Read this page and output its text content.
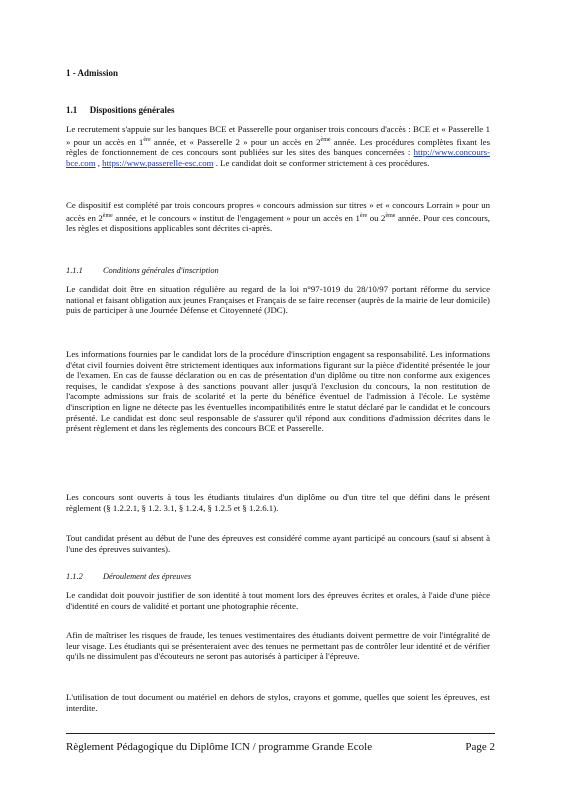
1 - Admission
1.1 Dispositions générales
Le recrutement s'appuie sur les banques BCE et Passerelle pour organiser trois concours d'accès : BCE et « Passerelle 1 » pour un accès en 1ère année, et « Passerelle 2 » pour un accès en 2ème année. Les procédures complètes fixant les règles de fonctionnement de ces concours sont publiées sur les sites des banques concernées : http://www.concours-bce.com , https://www.passerelle-esc.com . Le candidat doit se conformer strictement à ces procédures.
Ce dispositif est complété par trois concours propres « concours admission sur titres » et « concours Lorrain » pour un accès en 2ème année, et le concours « institut de l'engagement » pour un accès en 1ère ou 2ème année. Pour ces concours, les règles et dispositions applicables sont décrites ci-après.
1.1.1 Conditions générales d'inscription
Le candidat doit être en situation régulière au regard de la loi n°97-1019 du 28/10/97 portant réforme du service national et faisant obligation aux jeunes Françaises et Français de se faire recenser (auprès de la mairie de leur domicile) puis de participer à une Journée Défense et Citoyenneté (JDC).
Les informations fournies par le candidat lors de la procédure d'inscription engagent sa responsabilité. Les informations d'état civil fournies doivent être strictement identiques aux informations figurant sur la pièce d'identité présentée le jour de l'examen. En cas de fausse déclaration ou en cas de présentation d'un diplôme ou titre non conforme aux exigences requises, le candidat s'expose à des sanctions pouvant aller jusqu'à l'exclusion du concours, la non restitution de l'acompte admissions sur frais de scolarité et la perte du bénéfice éventuel de l'admission à l'école. Le système d'inscription en ligne ne détecte pas les éventuelles incompatibilités entre le statut déclaré par le candidat et le concours présenté. Le candidat est donc seul responsable de s'assurer qu'il répond aux conditions d'admission décrites dans le présent règlement et dans les règlements des concours BCE et Passerelle.
Les concours sont ouverts à tous les étudiants titulaires d'un diplôme ou d'un titre tel que défini dans le présent règlement (§ 1.2.2.1, § 1.2. 3.1, § 1.2.4, § 1.2.5 et § 1.2.6.1).
Tout candidat présent au début de l'une des épreuves est considéré comme ayant participé au concours (sauf si absent à l'une des épreuves suivantes).
1.1.2 Déroulement des épreuves
Le candidat doit pouvoir justifier de son identité à tout moment lors des épreuves écrites et orales, à l'aide d'une pièce d'identité en cours de validité et portant une photographie récente.
Afin de maîtriser les risques de fraude, les tenues vestimentaires des étudiants doivent permettre de voir l'intégralité de leur visage. Les étudiants qui se présenteraient avec des tenues ne permettant pas de contrôler leur identité et de vérifier qu'ils ne dissimulent pas d'écouteurs ne seront pas autorisés à participer à l'épreuve.
L'utilisation de tout document ou matériel en dehors de stylos, crayons et gomme, quelles que soient les épreuves, est interdite.
Règlement Pédagogique du Diplôme ICN / programme Grande Ecole	Page 2
